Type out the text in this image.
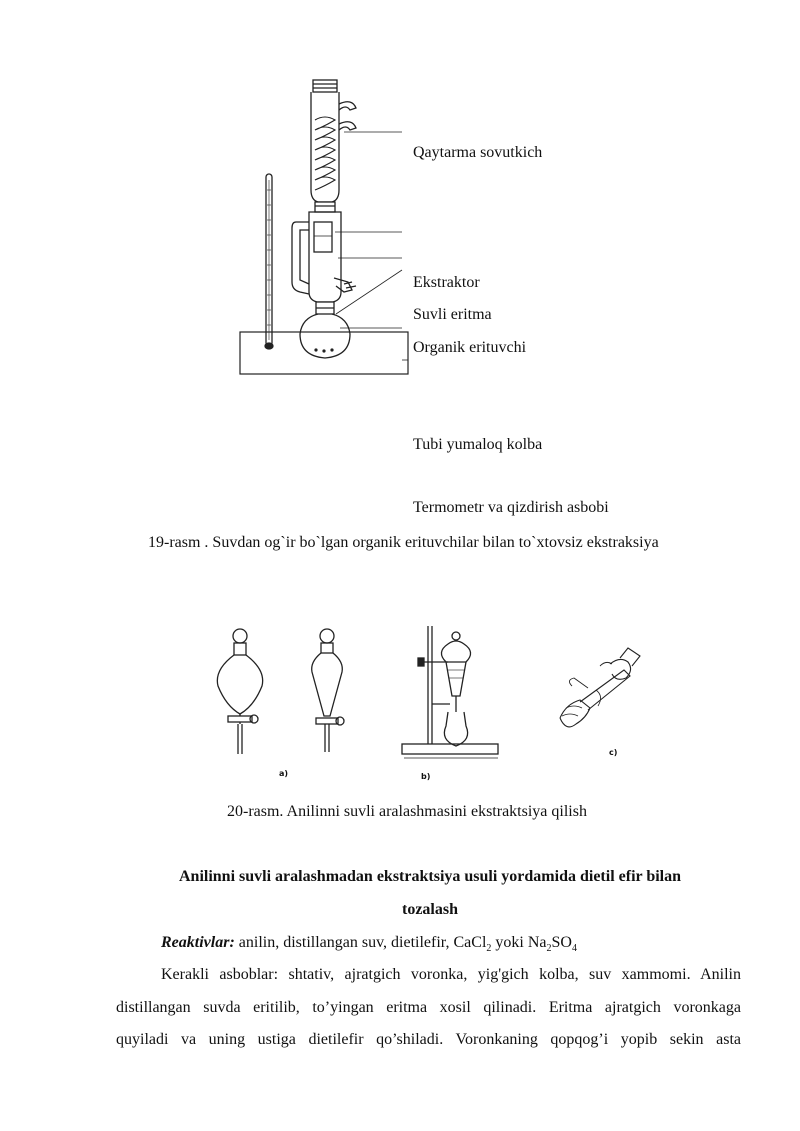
Qaytarma sovutkich
Ekstraktor
Suvli eritma
Organik erituvchi
Tubi yumaloq kolba
Termometr va qizdirish asbobi
19-rasm . Suvdan og`ir bo`lgan organik erituvchilar bilan to`xtovsiz ekstraksiya
a)	b)
c)
20-rasm. Anilinni suvli aralashmasini ekstraktsiya qilish
Anilinni suvli aralashmadan ekstraktsiya usuli yordamida dietil efir bilan
tozalash
Reaktivlar: anilin, distillangan suv, dietilefir, CaCl$_2$ yoki $Na_2SO_4$
Kerakli asboblar: shtativ, ajratgich voronka, yig'gich kolba, suv xammomi. Anilin
distillangan suvda eritilib, to’yingan eritma xosil qilinadi. Eritma ajratgich voronkaga
quyiladi va uning ustiga dietilefir qo’shiladi. Voronkaning qopqog’i yopib sekin asta
